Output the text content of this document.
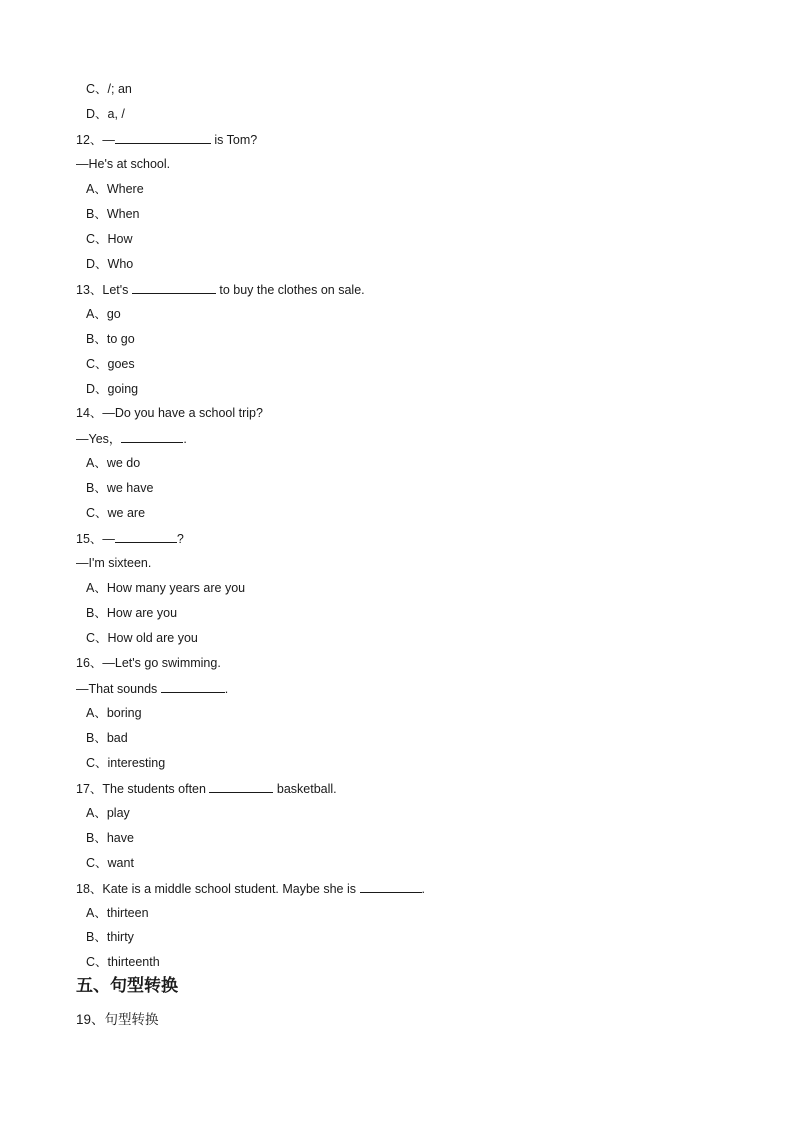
C、/; an
D、a, /
12、—	is Tom?
—He's at school.
A、Where
B、When
C、How
D、Who
13、Let's	to buy the clothes on sale.
A、go
B、to go
C、goes
D、going
14、—Do you have a school trip?
—Yes，	.
A、we do
B、we have
C、we are
15、—	?
—I'm sixteen.
A、How many years are you
B、How are you
C、How old are you
16、—Let's go swimming.
—That sounds	.
A、boring
B、bad
C、interesting
17、The students often	basketball.
A、play
B、have
C、want
18、Kate is a middle school student. Maybe she is	.
A、thirteen
B、thirty
C、thirteenth
五、句型转换
19、句型转换
